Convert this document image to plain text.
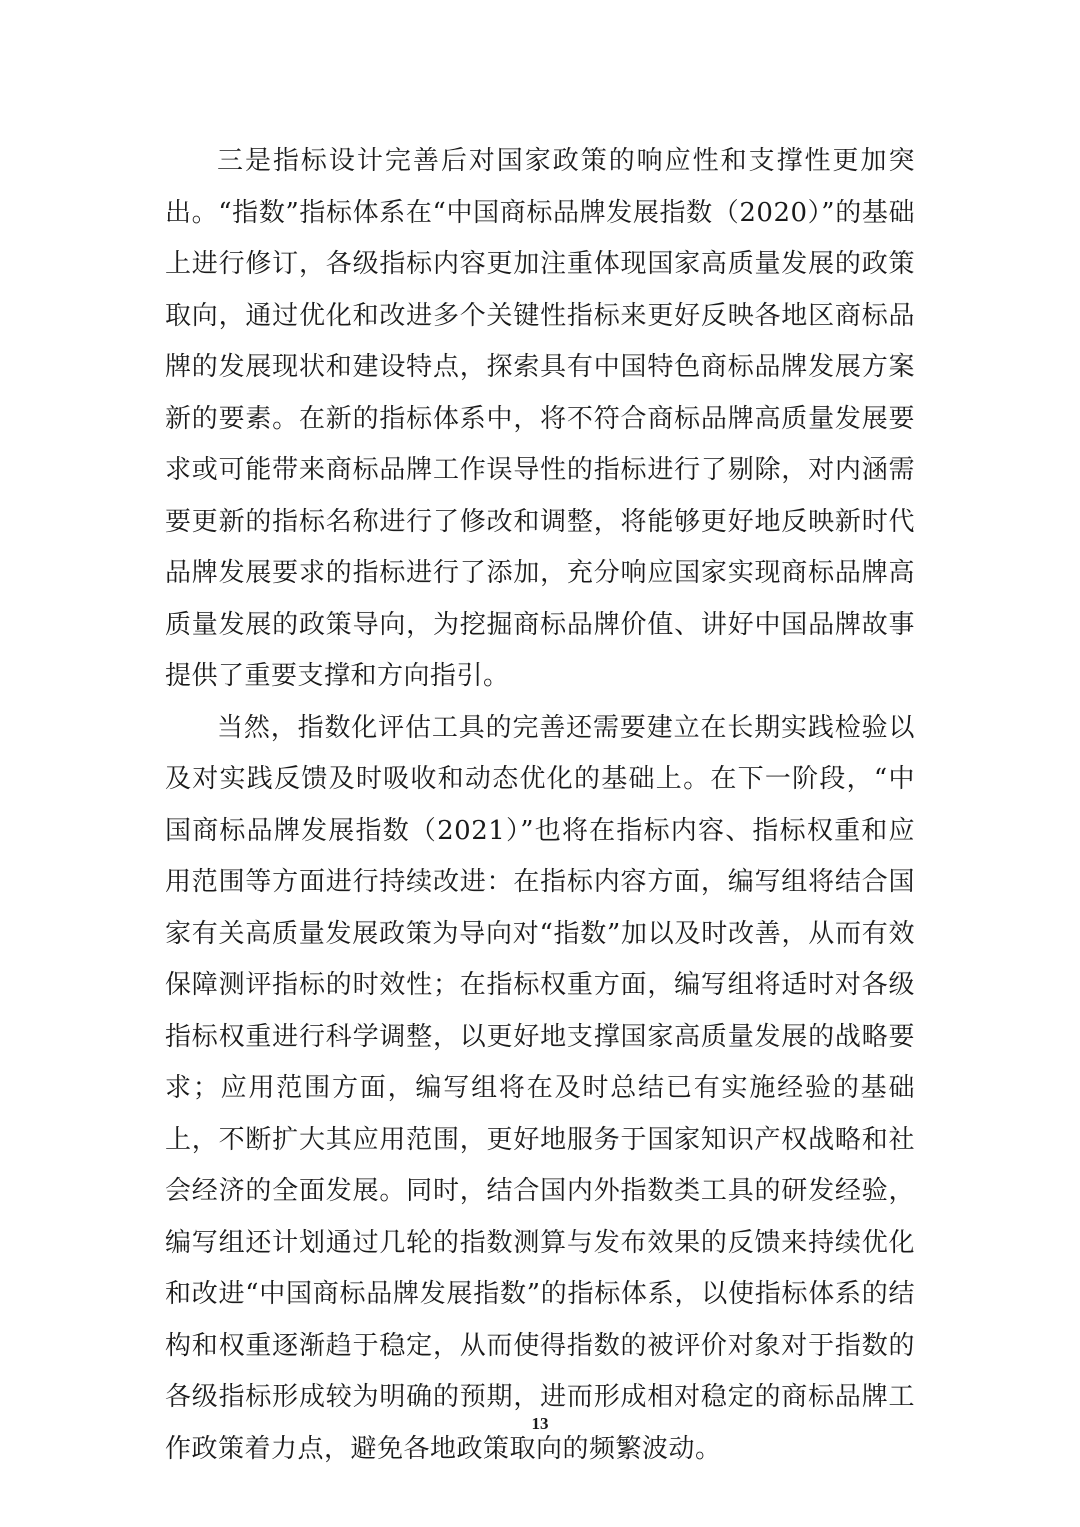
三是指标设计完善后对国家政策的响应性和支撑性更加突出。“指数”指标体系在“中国商标品牌发展指数（2020）”的基础上进行修订，各级指标内容更加注重体现国家高质量发展的政策取向，通过优化和改进多个关键性指标来更好反映各地区商标品牌的发展现状和建设特点，探索具有中国特色商标品牌发展方案新的要素。在新的指标体系中，将不符合商标品牌高质量发展要求或可能带来商标品牌工作误导性的指标进行了剔除，对内涵需要更新的指标名称进行了修改和调整，将能够更好地反映新时代品牌发展要求的指标进行了添加，充分响应国家实现商标品牌高质量发展的政策导向，为挖掘商标品牌价值、讲好中国品牌故事提供了重要支撑和方向指引。

当然，指数化评估工具的完善还需要建立在长期实践检验以及对实践反馈及时吸收和动态优化的基础上。在下一阶段，“中国商标品牌发展指数（2021）”也将在指标内容、指标权重和应用范围等方面进行持续改进：在指标内容方面，编写组将结合国家有关高质量发展政策为导向对“指数”加以及时改善，从而有效保障测评指标的时效性；在指标权重方面，编写组将适时对各级指标权重进行科学调整，以更好地支撑国家高质量发展的战略要求；应用范围方面，编写组将在及时总结已有实施经验的基础上，不断扩大其应用范围，更好地服务于国家知识产权战略和社会经济的全面发展。同时，结合国内外指数类工具的研发经验，编写组还计划通过几轮的指数测算与发布效果的反馈来持续优化和改进“中国商标品牌发展指数”的指标体系，以使指标体系的结构和权重逐渐趋于稳定，从而使得指数的被评价对象对于指数的各级指标形成较为明确的预期，进而形成相对稳定的商标品牌工作政策着力点，避免各地政策取向的频繁波动。

13
